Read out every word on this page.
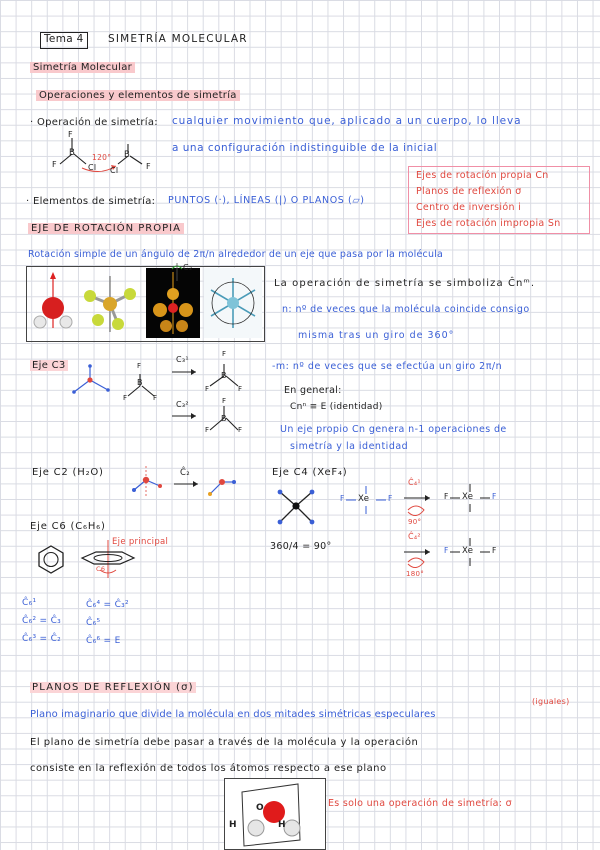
Tema 4 SIMETRÍA MOLECULAR
Simetría Molecular
Operaciones y elementos de simetría
· Operación de simetría: cualquier movimiento que, aplicado a un cuerpo, lo lleva
a una configuración indistinguible de la inicial
F
B
F	Cl
120° B
F
Cl
· Elementos de simetría: PUNTOS (·), LÍNEAS (|) O PLANOS (▱)
Ejes de rotación propia Cn
Planos de reflexión σ
Centro de inversión i
Ejes de rotación impropia Sn
EJE DE ROTACIÓN PROPIA
Rotación simple de un ángulo de 2π/n alrededor de un eje que pasa por la molécula
C₂
La operación de simetría se simboliza Ĉnᵐ.
n: nº de veces que la molécula coincide consigo
misma tras un giro de 360°
-m: nº de veces que se efectúa un giro 2π/n
En general:
Cnⁿ ≡ E (identidad)
Un eje propio Cn genera n-1 operaciones de
simetría y la identidad
Eje C3
B
F
F	F
C₃¹
C₃²
B
F
F	F
B
F
F	F
Eje C2 (H₂O)	Ĉ₂	Eje C4 (XeF₄)
Xe
F	F
Ĉ₄¹
90°
Xe
F	F
360/4 = 90°
Ĉ₄²
180°
Xe
F	F
Eje C6 (C₆H₆)
Eje principal
C6
Ĉ₆¹
Ĉ₆² = Ĉ₃
Ĉ₆³ = Ĉ₂
Ĉ₆⁴ = Ĉ₃²
Ĉ₆⁵
Ĉ₆⁶ = E
PLANOS DE REFLEXIÓN (σ)
(iguales)
Plano imaginario que divide la molécula en dos mitades simétricas especulares
El plano de simetría debe pasar a través de la molécula y la operación
consiste en la reflexión de todos los átomos respecto a ese plano
O
H	H
Es solo una operación de simetría: σ
